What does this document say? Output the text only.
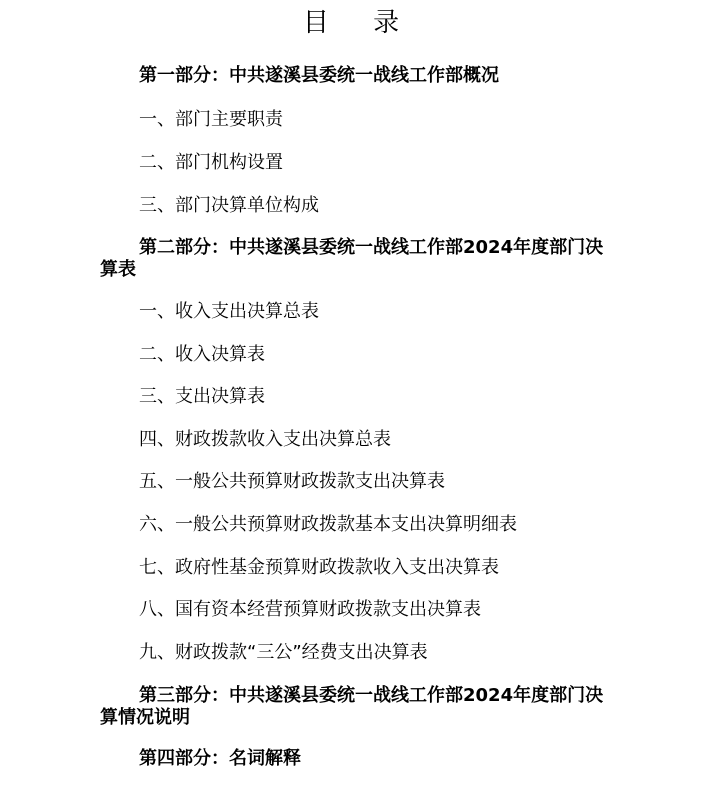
目 录
第一部分：中共遂溪县委统一战线工作部概况
一、部门主要职责
二、部门机构设置
三、部门决算单位构成
第二部分：中共遂溪县委统一战线工作部2024年度部门决算表
一、收入支出决算总表
二、收入决算表
三、支出决算表
四、财政拨款收入支出决算总表
五、一般公共预算财政拨款支出决算表
六、一般公共预算财政拨款基本支出决算明细表
七、政府性基金预算财政拨款收入支出决算表
八、国有资本经营预算财政拨款支出决算表
九、财政拨款“三公”经费支出决算表
第三部分：中共遂溪县委统一战线工作部2024年度部门决算情况说明
第四部分：名词解释
